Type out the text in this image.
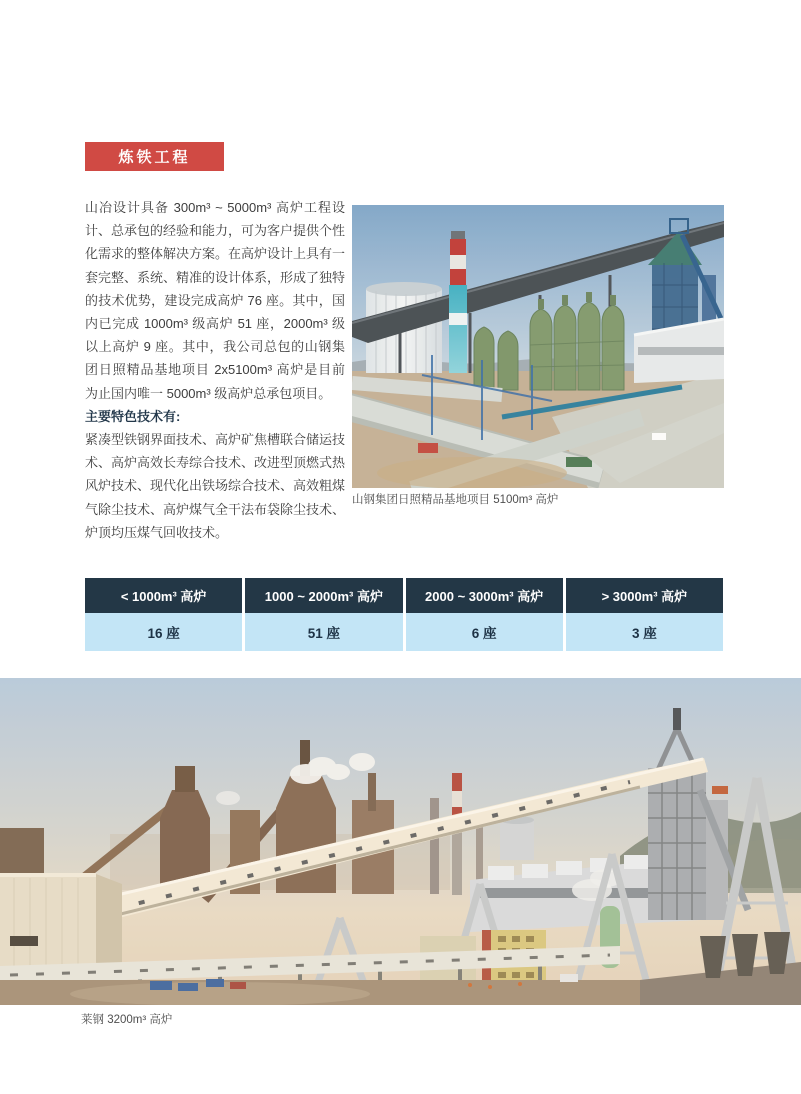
炼铁工程

山冶设计具备 300m³ ~ 5000m³ 高炉工程设计、总承包的经验和能力，可为客户提供个性化需求的整体解决方案。在高炉设计上具有一套完整、系统、精准的设计体系，形成了独特的技术优势，建设完成高炉 76 座。其中，国内已完成 1000m³ 级高炉 51 座，2000m³ 级以上高炉 9 座。其中，我公司总包的山钢集团日照精品基地项目 2x5100m³ 高炉是目前为止国内唯一 5000m³ 级高炉总承包项目。

主要特色技术有:

紧凑型铁钢界面技术、高炉矿焦槽联合储运技术、高炉高效长寿综合技术、改进型顶燃式热风炉技术、现代化出铁场综合技术、高效粗煤气除尘技术、高炉煤气全干法布袋除尘技术、炉顶均压煤气回收技术。

山钢集团日照精品基地项目 5100m³ 高炉
< 1000m³ 高炉	1000 ~ 2000m³ 高炉	2000 ~ 3000m³ 高炉	> 3000m³ 高炉
16 座	51 座	6 座	3 座
莱钢 3200m³ 高炉
